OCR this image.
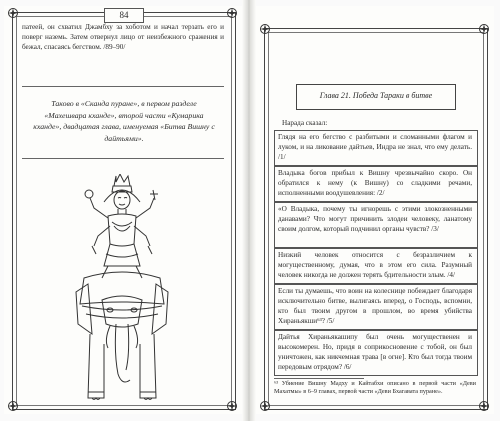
84

патеей, он схватил Джамбху за хоботом и начал терзать его и поверг наземь. Затем отвернул лицо от неизбежного сражения и бежал, спасаясь бегством. /89–90/

Таково в «Сканда пуране», в первом разделе «Махешвара кханде», второй части «Кумарика кханде», двадцатая глава, именуемая «Битва Вишну с дайтьями».

Глава 21. Победа Тараки в битве

Нарада сказал:

Глядя на его бегство с разбитыми и сломанными флагом и луком, и на ликование дайтьев, Индра не знал, что ему делать. /1/

Владыка богов прибыл к Вишну чрезвычайно скоро. Он обратился к нему (к Вишну) со сладкими речами, исполненными воодушевления: /2/

«О Владыка, почему ты игнорешь с этими злокозненными данавами? Что могут причинить злодеи человеку, ланатому своим долгом, который подчинил органы чувств? /3/

Низкий человек относится с безразличием к могущественному, думая, что в этом его сила. Разумный человек никогда не должен терять бдительности злым. /4/

Если ты думаешь, что воин на колеснице побеждает благодаря исключительно битве, вылигаясь вперед, о Господь, вспомни, кто был твоим другом в прошлом, во время убийства Хираньякши⁶³? /5/

Дайтья Хираньякашипу был очень могущественен и высокомерен. Но, придя в соприкосновение с тобой, он был уничтожен, как никчемная трава [в огне]. Кто был тогда твоим передовым отрядом? /6/

⁶³ Убиение Вишну Мадху и Кайтабхи описано в первой части «Деви Махатмы» в 6–9 главах, первой части «Деви Бхагавата пуране».
